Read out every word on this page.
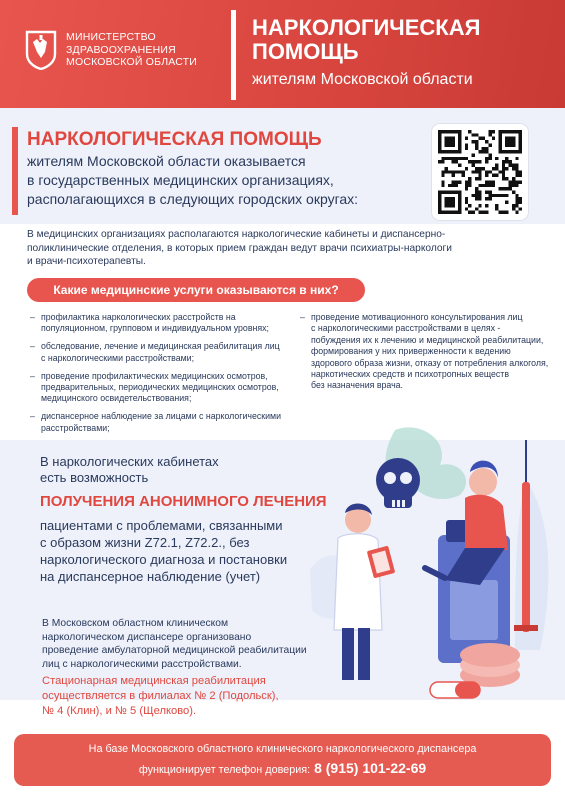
МИНИСТЕРСТВО
ЗДРАВООХРАНЕНИЯ
МОСКОВСКОЙ ОБЛАСТИ
НАРКОЛОГИЧЕСКАЯ
ПОМОЩЬ
жителям Московской области
НАРКОЛОГИЧЕСКАЯ ПОМОЩЬ
жителям Московской области оказывается
в государственных медицинских организациях,
располагающихся в следующих городских округах:
В медицинских организациях располагаются наркологические кабинеты и диспансерно-
поликлинические отделения, в которых прием граждан ведут врачи психиатры-наркологи
и врачи-психотерапевты.
Какие медицинские услуги оказываются в них?
– профилактика наркологических расстройств на
популяционном, групповом и индивидуальном уровнях;
– обследование, лечение и медицинская реабилитация лиц
с наркологическими расстройствами;
– проведение профилактических медицинских осмотров,
предварительных, периодических медицинских осмотров,
медицинского освидетельствования;
– диспансерное наблюдение за лицами с наркологическими
расстройствами;
– проведение мотивационного консультирования лиц
с наркологическими расстройствами в целях -
побуждения их к лечению и медицинской реабилитации,
формирования у них приверженности к ведению
здорового образа жизни, отказу от потребления алкоголя,
наркотических средств и психотропных веществ
без назначения врача.
В наркологических кабинетах
есть возможность
ПОЛУЧЕНИЯ АНОНИМНОГО ЛЕЧЕНИЯ
пациентами с проблемами, связанными
с образом жизни Z72.1, Z72.2., без
наркологического диагноза и постановки
на диспансерное наблюдение (учет)
В Московском областном клиническом
наркологическом диспансере организовано
проведение амбулаторной медицинской реабилитации
лиц с наркологическими расстройствами.
Стационарная медицинская реабилитация
осуществляется в филиалах № 2 (Подольск),
№ 4 (Клин), и № 5 (Щелково).
На базе Московского областного клинического наркологического диспансера
функционирует телефон доверия: 8 (915) 101-22-69
